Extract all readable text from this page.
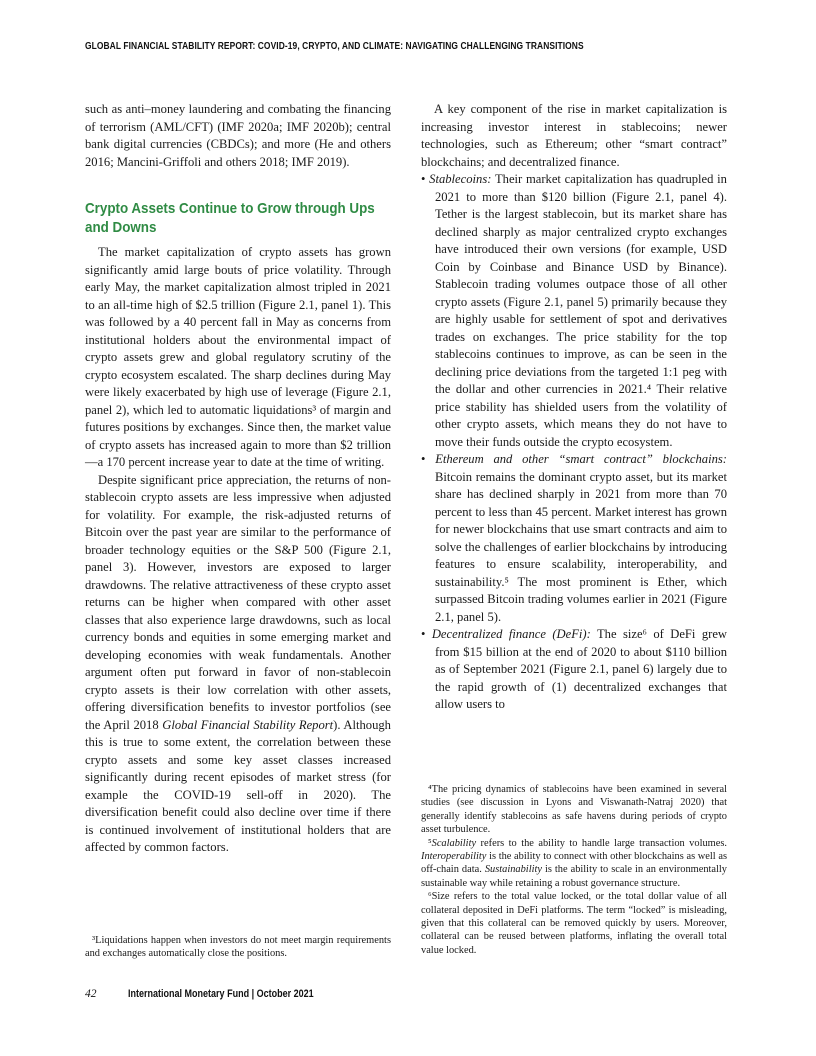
GLOBAL FINANCIAL STABILITY REPORT: COVID-19, CRYPTO, AND CLIMATE: NAVIGATING CHALLENGING TRANSITIONS

such as anti–money laundering and combating the financing of terrorism (AML/CFT) (IMF 2020a; IMF 2020b); central bank digital currencies (CBDCs); and more (He and others 2016; Mancini-Griffoli and others 2018; IMF 2019).

Crypto Assets Continue to Grow through Ups and Downs

The market capitalization of crypto assets has grown significantly amid large bouts of price volatility. Through early May, the market capitalization almost tripled in 2021 to an all-time high of $2.5 trillion (Figure 2.1, panel 1). This was followed by a 40 percent fall in May as concerns from institutional holders about the environmental impact of crypto assets grew and global regulatory scrutiny of the crypto ecosystem escalated. The sharp declines during May were likely exacerbated by high use of leverage (Figure 2.1, panel 2), which led to automatic liquidations³ of margin and futures positions by exchanges. Since then, the market value of crypto assets has increased again to more than $2 trillion—a 170 percent increase year to date at the time of writing.

Despite significant price appreciation, the returns of non-stablecoin crypto assets are less impressive when adjusted for volatility. For example, the risk-adjusted returns of Bitcoin over the past year are similar to the performance of broader technology equities or the S&P 500 (Figure 2.1, panel 3). However, investors are exposed to larger drawdowns. The relative attractiveness of these crypto asset returns can be higher when compared with other asset classes that also experience large drawdowns, such as local currency bonds and equities in some emerging market and developing economies with weak fundamentals. Another argument often put forward in favor of non-stablecoin crypto assets is their low correlation with other assets, offering diversification benefits to investor portfolios (see the April 2018 Global Financial Stability Report). Although this is true to some extent, the correlation between these crypto assets and some key asset classes increased significantly during recent episodes of market stress (for example the COVID-19 sell-off in 2020). The diversification benefit could also decline over time if there is continued involvement of institutional holders that are affected by common factors.

³Liquidations happen when investors do not meet margin requirements and exchanges automatically close the positions.

A key component of the rise in market capitalization is increasing investor interest in stablecoins; newer technologies, such as Ethereum; other “smart contract” blockchains; and decentralized finance.

• Stablecoins: Their market capitalization has quadrupled in 2021 to more than $120 billion (Figure 2.1, panel 4). Tether is the largest stablecoin, but its market share has declined sharply as major centralized crypto exchanges have introduced their own versions (for example, USD Coin by Coinbase and Binance USD by Binance). Stablecoin trading volumes outpace those of all other crypto assets (Figure 2.1, panel 5) primarily because they are highly usable for settlement of spot and derivatives trades on exchanges. The price stability for the top stablecoins continues to improve, as can be seen in the declining price deviations from the targeted 1:1 peg with the dollar and other currencies in 2021.⁴ Their relative price stability has shielded users from the volatility of other crypto assets, which means they do not have to move their funds outside the crypto ecosystem.
• Ethereum and other “smart contract” blockchains: Bitcoin remains the dominant crypto asset, but its market share has declined sharply in 2021 from more than 70 percent to less than 45 percent. Market interest has grown for newer blockchains that use smart contracts and aim to solve the challenges of earlier blockchains by introducing features to ensure scalability, interoperability, and sustainability.⁵ The most prominent is Ether, which surpassed Bitcoin trading volumes earlier in 2021 (Figure 2.1, panel 5).
• Decentralized finance (DeFi): The size⁶ of DeFi grew from $15 billion at the end of 2020 to about $110 billion as of September 2021 (Figure 2.1, panel 6) largely due to the rapid growth of (1) decentralized exchanges that allow users to

⁴The pricing dynamics of stablecoins have been examined in several studies (see discussion in Lyons and Viswanath-Natraj 2020) that generally identify stablecoins as safe havens during periods of crypto asset turbulence.

⁵Scalability refers to the ability to handle large transaction volumes. Interoperability is the ability to connect with other blockchains as well as off-chain data. Sustainability is the ability to scale in an environmentally sustainable way while retaining a robust governance structure.

⁶Size refers to the total value locked, or the total dollar value of all collateral deposited in DeFi platforms. The term “locked” is misleading, given that this collateral can be removed quickly by users. Moreover, collateral can be reused between platforms, inflating the overall total value locked.

42	International Monetary Fund | October 2021
